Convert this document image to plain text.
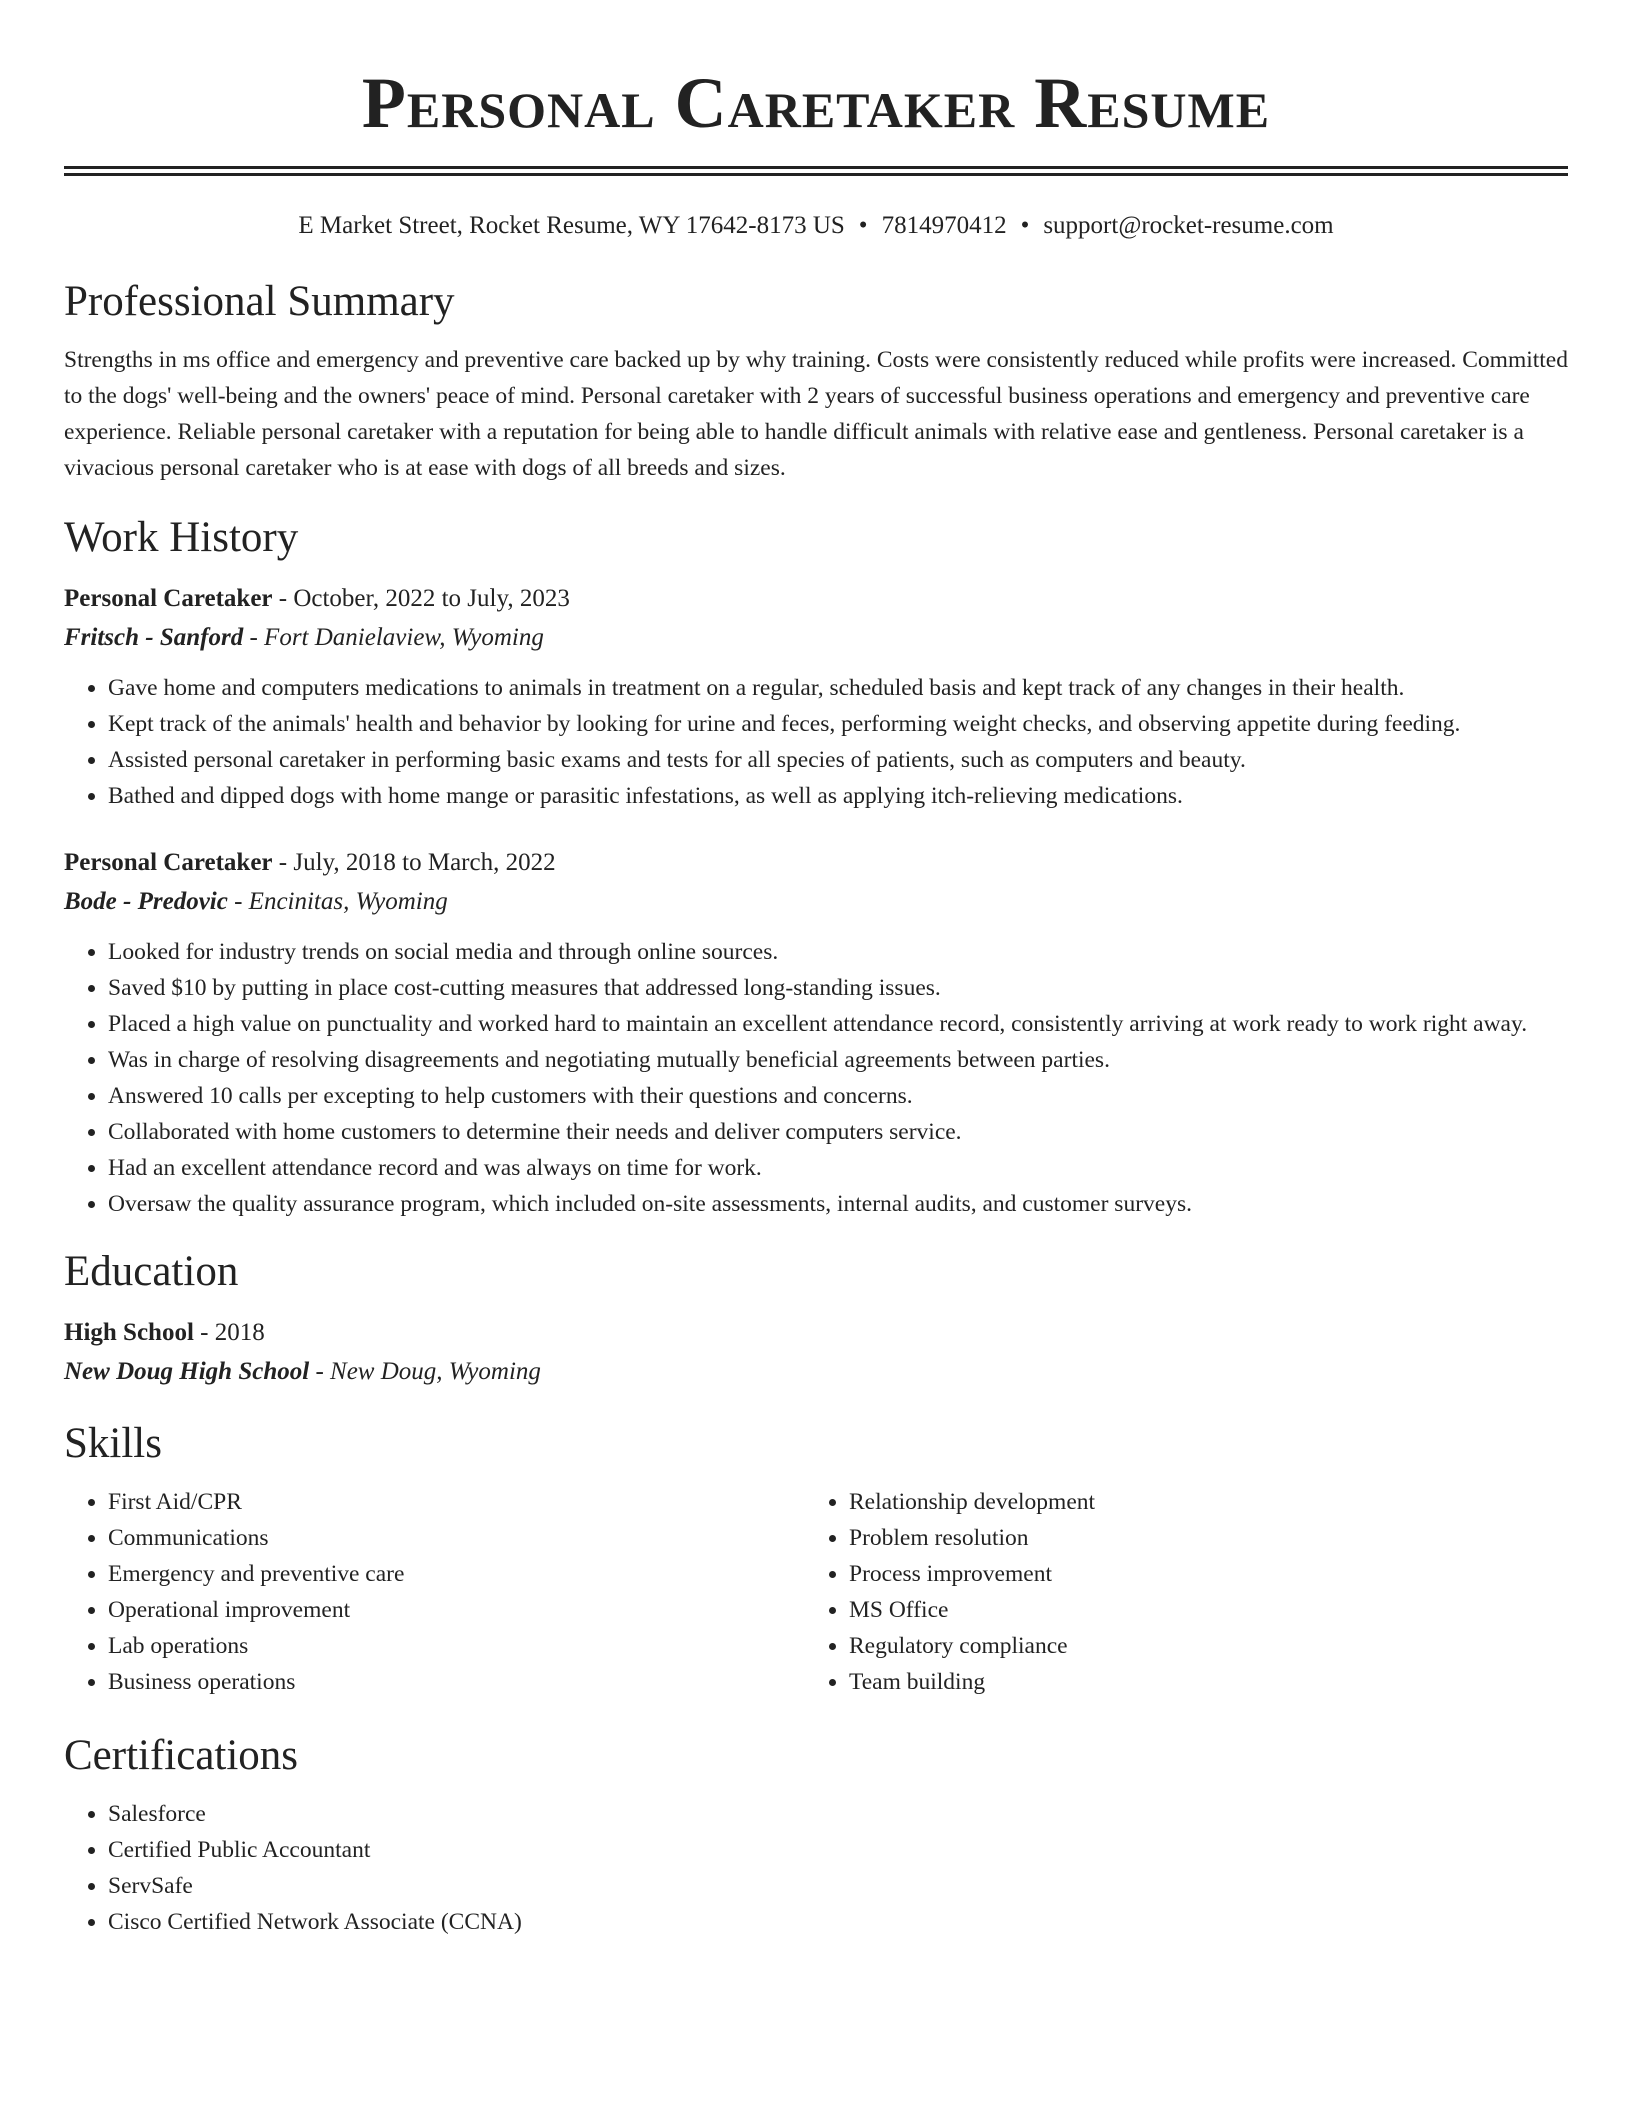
Personal Caretaker Resume
E Market Street, Rocket Resume, WY 17642-8173 US • 7814970412 • support@rocket-resume.com
Professional Summary

Strengths in ms office and emergency and preventive care backed up by why training. Costs were consistently reduced while profits were increased. Committed to the dogs' well-being and the owners' peace of mind. Personal caretaker with 2 years of successful business operations and emergency and preventive care experience. Reliable personal caretaker with a reputation for being able to handle difficult animals with relative ease and gentleness. Personal caretaker is a vivacious personal caretaker who is at ease with dogs of all breeds and sizes.

Work History
Personal Caretaker - October, 2022 to July, 2023
Fritsch - Sanford - Fort Danielaview, Wyoming
• Gave home and computers medications to animals in treatment on a regular, scheduled basis and kept track of any changes in their health.
• Kept track of the animals' health and behavior by looking for urine and feces, performing weight checks, and observing appetite during feeding.
• Assisted personal caretaker in performing basic exams and tests for all species of patients, such as computers and beauty.
• Bathed and dipped dogs with home mange or parasitic infestations, as well as applying itch-relieving medications.
Personal Caretaker - July, 2018 to March, 2022
Bode - Predovic - Encinitas, Wyoming
• Looked for industry trends on social media and through online sources.
• Saved $10 by putting in place cost-cutting measures that addressed long-standing issues.
• Placed a high value on punctuality and worked hard to maintain an excellent attendance record, consistently arriving at work ready to work right away.
• Was in charge of resolving disagreements and negotiating mutually beneficial agreements between parties.
• Answered 10 calls per excepting to help customers with their questions and concerns.
• Collaborated with home customers to determine their needs and deliver computers service.
• Had an excellent attendance record and was always on time for work.
• Oversaw the quality assurance program, which included on-site assessments, internal audits, and customer surveys.
Education
High School - 2018
New Doug High School - New Doug, Wyoming
Skills
• First Aid/CPR
• Communications
• Emergency and preventive care
• Operational improvement
• Lab operations
• Business operations
• Relationship development
• Problem resolution
• Process improvement
• MS Office
• Regulatory compliance
• Team building
Certifications
• Salesforce
• Certified Public Accountant
• ServSafe
• Cisco Certified Network Associate (CCNA)
